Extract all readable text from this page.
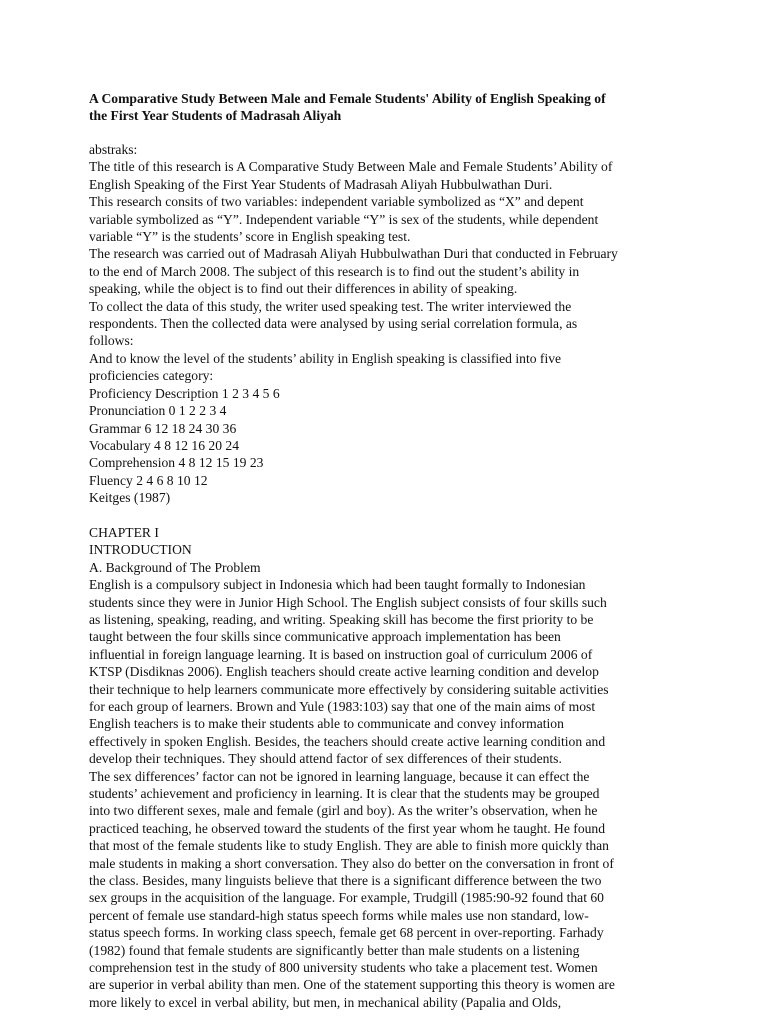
A Comparative Study Between Male and Female Students' Ability of English Speaking of
the First Year Students of Madrasah Aliyah
abstraks:
The title of this research is A Comparative Study Between Male and Female Students’ Ability of
English Speaking of the First Year Students of Madrasah Aliyah Hubbulwathan Duri.
This research consits of two variables: independent variable symbolized as “X” and depent
variable symbolized as “Y”. Independent variable “Y” is sex of the students, while dependent
variable “Y” is the students’ score in English speaking test.
The research was carried out of Madrasah Aliyah Hubbulwathan Duri that conducted in February
to the end of March 2008. The subject of this research is to find out the student’s ability in
speaking, while the object is to find out their differences in ability of speaking.
To collect the data of this study, the writer used speaking test. The writer interviewed the
respondents. Then the collected data were analysed by using serial correlation formula, as
follows:
And to know the level of the students’ ability in English speaking is classified into five
proficiencies category:
Proficiency Description 1 2 3 4 5 6
Pronunciation 0 1 2 2 3 4
Grammar 6 12 18 24 30 36
Vocabulary 4 8 12 16 20 24
Comprehension 4 8 12 15 19 23
Fluency 2 4 6 8 10 12
Keitges (1987)
CHAPTER I
INTRODUCTION
A. Background of The Problem
English is a compulsory subject in Indonesia which had been taught formally to Indonesian
students since they were in Junior High School. The English subject consists of four skills such
as listening, speaking, reading, and writing. Speaking skill has become the first priority to be
taught between the four skills since communicative approach implementation has been
influential in foreign language learning. It is based on instruction goal of curriculum 2006 of
KTSP (Disdiknas 2006). English teachers should create active learning condition and develop
their technique to help learners communicate more effectively by considering suitable activities
for each group of learners. Brown and Yule (1983:103) say that one of the main aims of most
English teachers is to make their students able to communicate and convey information
effectively in spoken English. Besides, the teachers should create active learning condition and
develop their techniques. They should attend factor of sex differences of their students.
The sex differences’ factor can not be ignored in learning language, because it can effect the
students’ achievement and proficiency in learning. It is clear that the students may be grouped
into two different sexes, male and female (girl and boy). As the writer’s observation, when he
practiced teaching, he observed toward the students of the first year whom he taught. He found
that most of the female students like to study English. They are able to finish more quickly than
male students in making a short conversation. They also do better on the conversation in front of
the class. Besides, many linguists believe that there is a significant difference between the two
sex groups in the acquisition of the language. For example, Trudgill (1985:90-92 found that 60
percent of female use standard-high status speech forms while males use non standard, low-
status speech forms. In working class speech, female get 68 percent in over-reporting. Farhady
(1982) found that female students are significantly better than male students on a listening
comprehension test in the study of 800 university students who take a placement test. Women
are superior in verbal ability than men. One of the statement supporting this theory is women are
more likely to excel in verbal ability, but men, in mechanical ability (Papalia and Olds,
